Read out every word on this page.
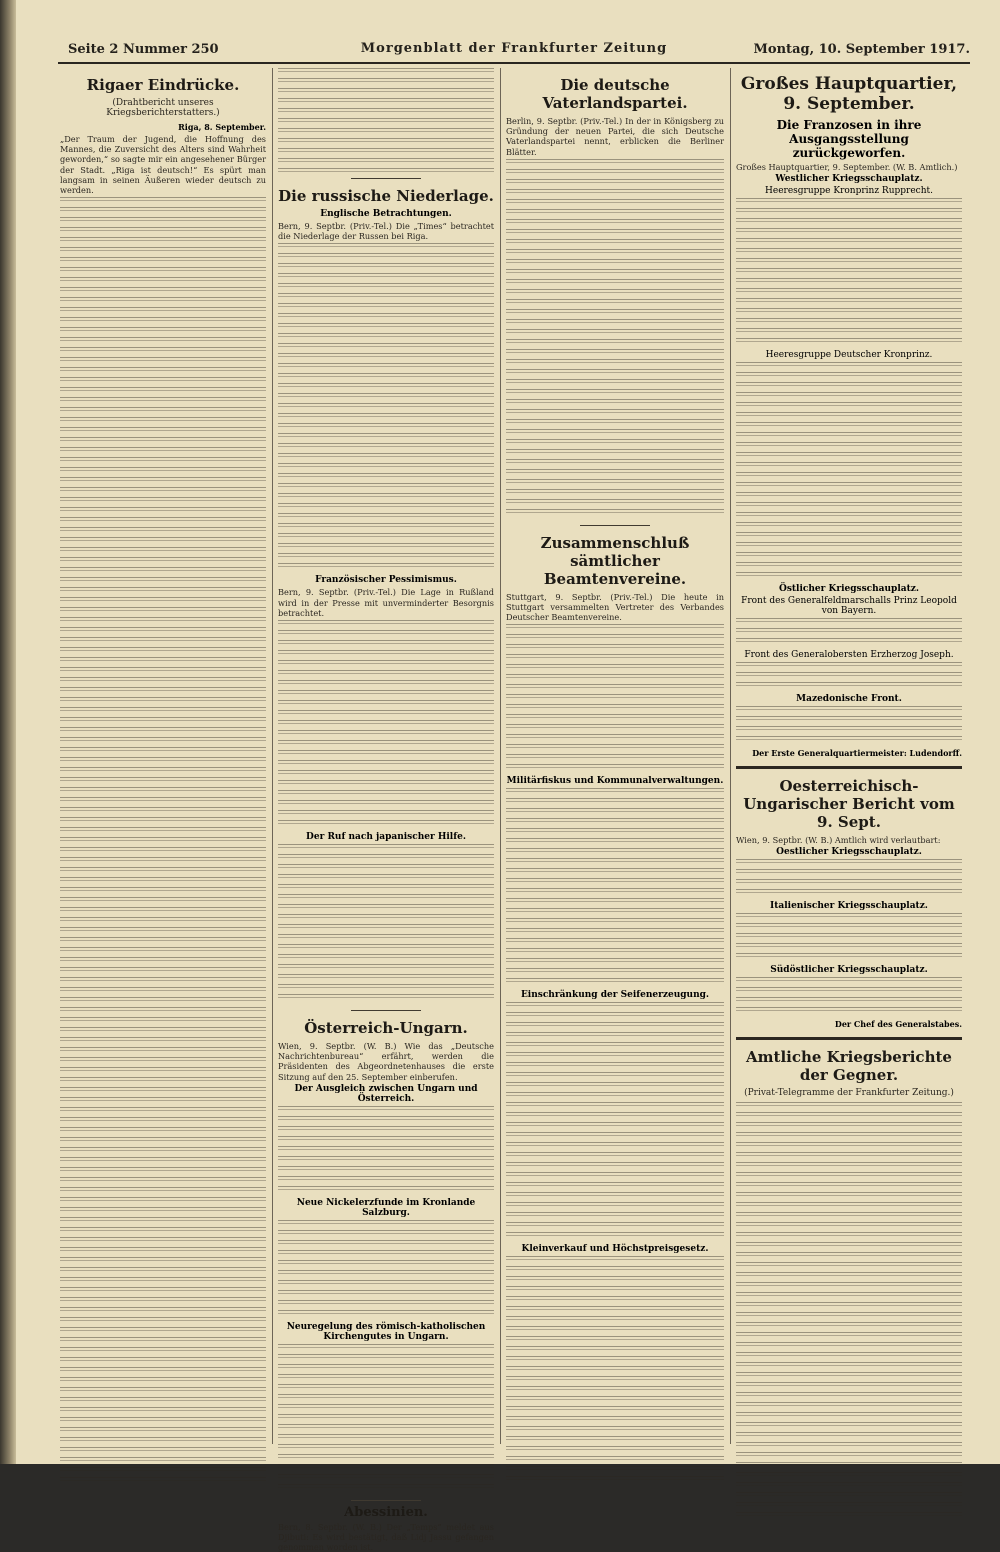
Seite 2 Nummer 250	Morgenblatt der Frankfurter Zeitung	Montag, 10. September 1917.
Rigaer Eindrücke.
(Drahtbericht unseres Kriegsberichterstatters.)
Riga, 8. September.

„Der Traum der Jugend, die Hoffnung des Mannes, die Zuversicht des Alters sind Wahrheit geworden,“ so sagte mir ein angesehener Bürger der Stadt. „Riga ist deutsch!“ Es spürt man langsam in seinen Äußeren wieder deutsch zu werden.	Die russische Niederlage.
Englische Betrachtungen.

Bern, 9. Septbr. (Priv.-Tel.) Die „Times“ betrachtet die Niederlage der Russen bei Riga.

Französischer Pessimismus.

Bern, 9. Septbr. (Priv.-Tel.) Die Lage in Rußland wird in der Presse mit unverminderter Besorgnis betrachtet.

Der Ruf nach japanischer Hilfe.
Österreich-Ungarn.

Wien, 9. Septbr. (W. B.) Wie das „Deutsche Nachrichtenbureau“ erfährt, werden die Präsidenten des Abgeordnetenhauses die erste Sitzung auf den 25. September einberufen.

Der Ausgleich zwischen Ungarn und Österreich.
Neue Nickelerzfunde im Kronlande Salzburg.
Neuregelung des römisch-katholischen Kirchengutes in Ungarn.
Abessinien.

Bern, 8. Septbr. (W. B.) Der „Temps“ meldet aus Djibuti: Es wird bestätigt, daß Lidj Jassu gefangen genommen worden ist.

Die deutsche Vaterlandspartei.

Berlin, 9. Septbr. (Priv.-Tel.) In der in Königsberg zu Gründung der neuen Partei, die sich Deutsche Vaterlandspartei nennt, erblicken die Berliner Blätter.

Zusammenschluß sämtlicher Beamtenvereine.

Stuttgart, 9. Septbr. (Priv.-Tel.) Die heute in Stuttgart versammelten Vertreter des Verbandes Deutscher Beamtenvereine.

Militärfiskus und Kommunalverwaltungen.
Einschränkung der Seifenerzeugung.
Kleinverkauf und Höchstpreisgesetz.
Großes Hauptquartier, 9. September.
Die Franzosen in ihre Ausgangsstellung zurückgeworfen.

Großes Hauptquartier, 9. September. (W. B. Amtlich.)

Westlicher Kriegsschauplatz.
Heeresgruppe Kronprinz Rupprecht.
Heeresgruppe Deutscher Kronprinz.
Östlicher Kriegsschauplatz.
Front des Generalfeldmarschalls Prinz Leopold von Bayern.
Front des Generalobersten Erzherzog Joseph.
Mazedonische Front.
Der Erste Generalquartiermeister: Ludendorff.
Oesterreichisch-Ungarischer Bericht vom 9. Sept.

Wien, 9. Septbr. (W. B.) Amtlich wird verlautbart:

Oestlicher Kriegsschauplatz.
Italienischer Kriegsschauplatz.
Südöstlicher Kriegsschauplatz.
Der Chef des Generalstabes.
Amtliche Kriegsberichte der Gegner.
(Privat-Telegramme der Frankfurter Zeitung.)
